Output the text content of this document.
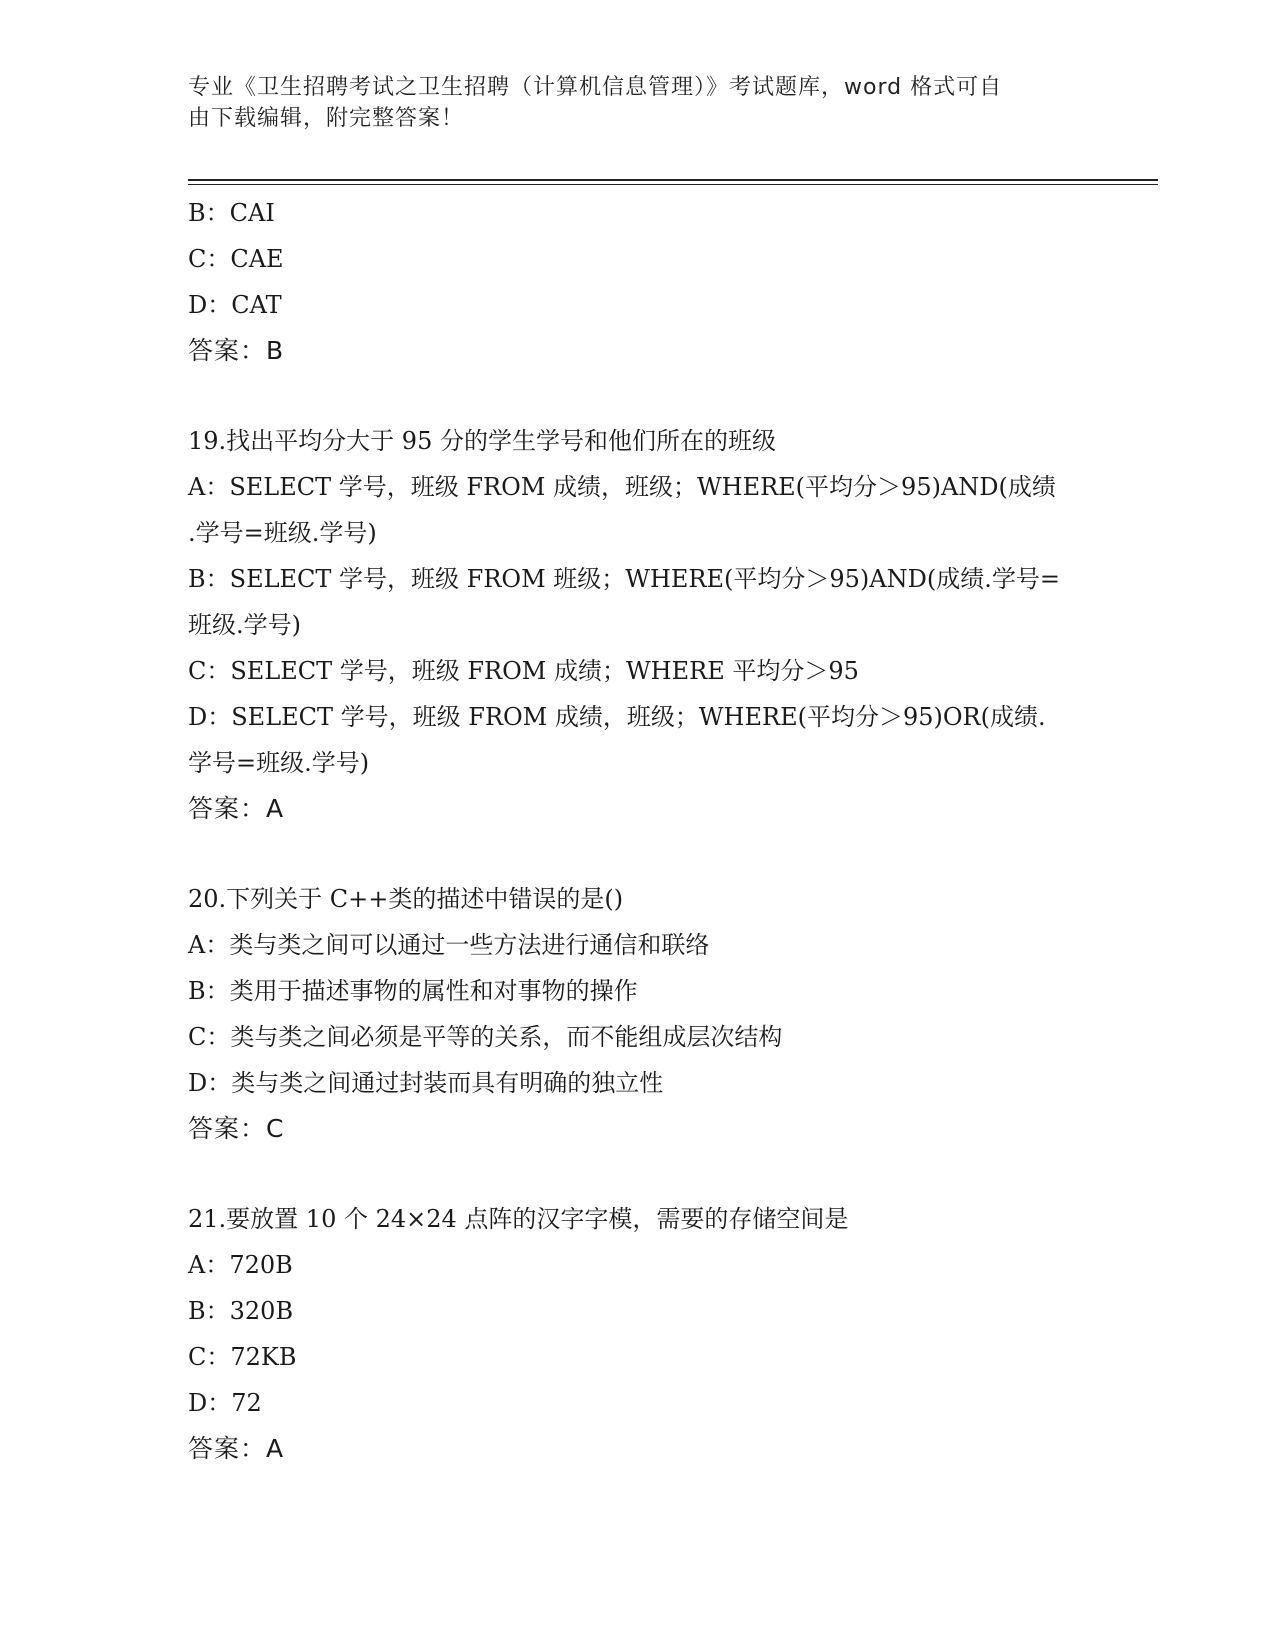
专业《卫生招聘考试之卫生招聘（计算机信息管理）》考试题库，word 格式可自
由下载编辑，附完整答案！
B：CAI
C：CAE
D：CAT
答案：B
19.找出平均分大于 95 分的学生学号和他们所在的班级
A：SELECT 学号，班级 FROM 成绩，班级；WHERE(平均分＞95)AND(成绩
.学号=班级.学号)
B：SELECT 学号，班级 FROM 班级；WHERE(平均分＞95)AND(成绩.学号=
班级.学号)
C：SELECT 学号，班级 FROM 成绩；WHERE 平均分＞95
D：SELECT 学号，班级 FROM 成绩，班级；WHERE(平均分＞95)OR(成绩.
学号=班级.学号)
答案：A
20.下列关于 C++类的描述中错误的是()
A：类与类之间可以通过一些方法进行通信和联络
B：类用于描述事物的属性和对事物的操作
C：类与类之间必须是平等的关系，而不能组成层次结构
D：类与类之间通过封装而具有明确的独立性
答案：C
21.要放置 10 个 24×24 点阵的汉字字模，需要的存储空间是
A：720B
B：320B
C：72KB
D：72
答案：A
